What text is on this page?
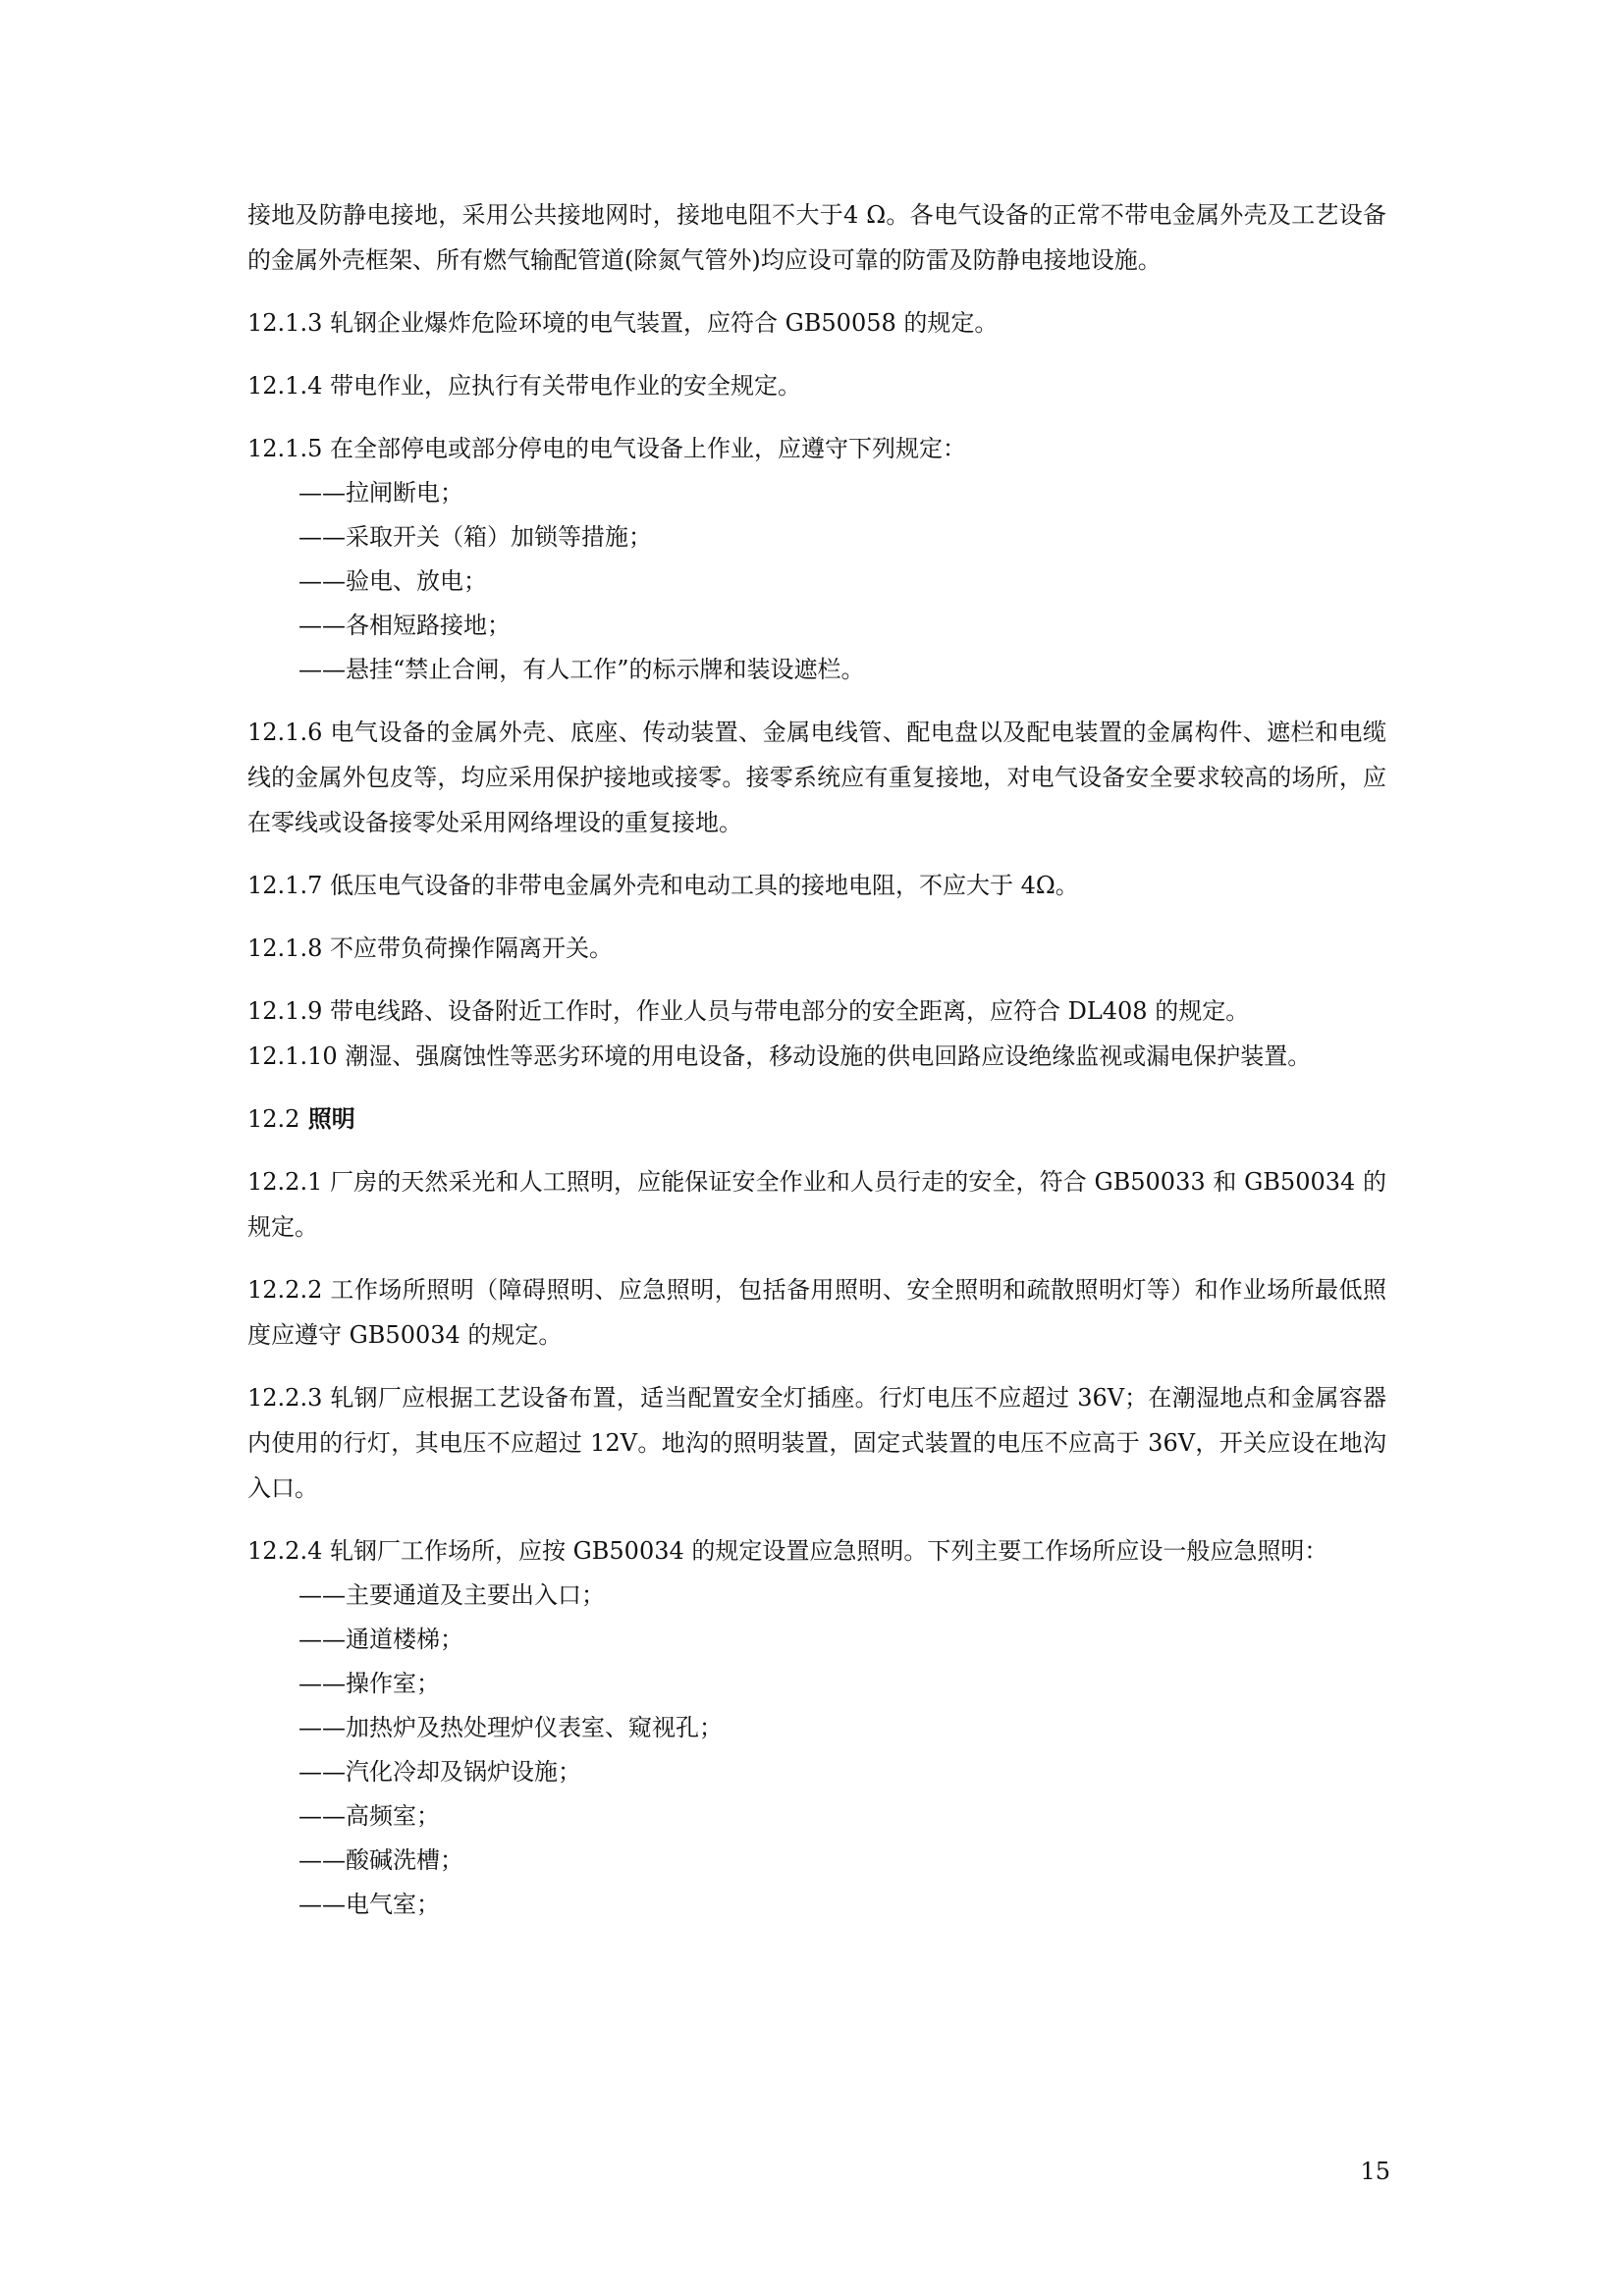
接地及防静电接地，采用公共接地网时，接地电阻不大于4 Ω。各电气设备的正常不带电金属外壳及工艺设备的金属外壳框架、所有燃气输配管道(除氮气管外)均应设可靠的防雷及防静电接地设施。

12.1.3 轧钢企业爆炸危险环境的电气装置，应符合 GB50058 的规定。

12.1.4 带电作业，应执行有关带电作业的安全规定。

12.1.5 在全部停电或部分停电的电气设备上作业，应遵守下列规定：

——拉闸断电；

——采取开关（箱）加锁等措施；

——验电、放电；

——各相短路接地；

——悬挂“禁止合闸，有人工作”的标示牌和装设遮栏。

12.1.6 电气设备的金属外壳、底座、传动装置、金属电线管、配电盘以及配电装置的金属构件、遮栏和电缆线的金属外包皮等，均应采用保护接地或接零。接零系统应有重复接地，对电气设备安全要求较高的场所，应在零线或设备接零处采用网络埋设的重复接地。

12.1.7 低压电气设备的非带电金属外壳和电动工具的接地电阻，不应大于 4Ω。

12.1.8 不应带负荷操作隔离开关。

12.1.9 带电线路、设备附近工作时，作业人员与带电部分的安全距离，应符合 DL408 的规定。

12.1.10 潮湿、强腐蚀性等恶劣环境的用电设备，移动设施的供电回路应设绝缘监视或漏电保护装置。

12.2 照明

12.2.1 厂房的天然采光和人工照明，应能保证安全作业和人员行走的安全，符合 GB50033 和 GB50034 的规定。

12.2.2 工作场所照明（障碍照明、应急照明，包括备用照明、安全照明和疏散照明灯等）和作业场所最低照度应遵守 GB50034 的规定。

12.2.3 轧钢厂应根据工艺设备布置，适当配置安全灯插座。行灯电压不应超过 36V；在潮湿地点和金属容器内使用的行灯，其电压不应超过 12V。地沟的照明装置，固定式装置的电压不应高于 36V，开关应设在地沟入口。

12.2.4 轧钢厂工作场所，应按 GB50034 的规定设置应急照明。下列主要工作场所应设一般应急照明：

——主要通道及主要出入口；

——通道楼梯；

——操作室；

——加热炉及热处理炉仪表室、窥视孔；

——汽化冷却及锅炉设施；

——高频室；

——酸碱洗槽；

——电气室；

15
